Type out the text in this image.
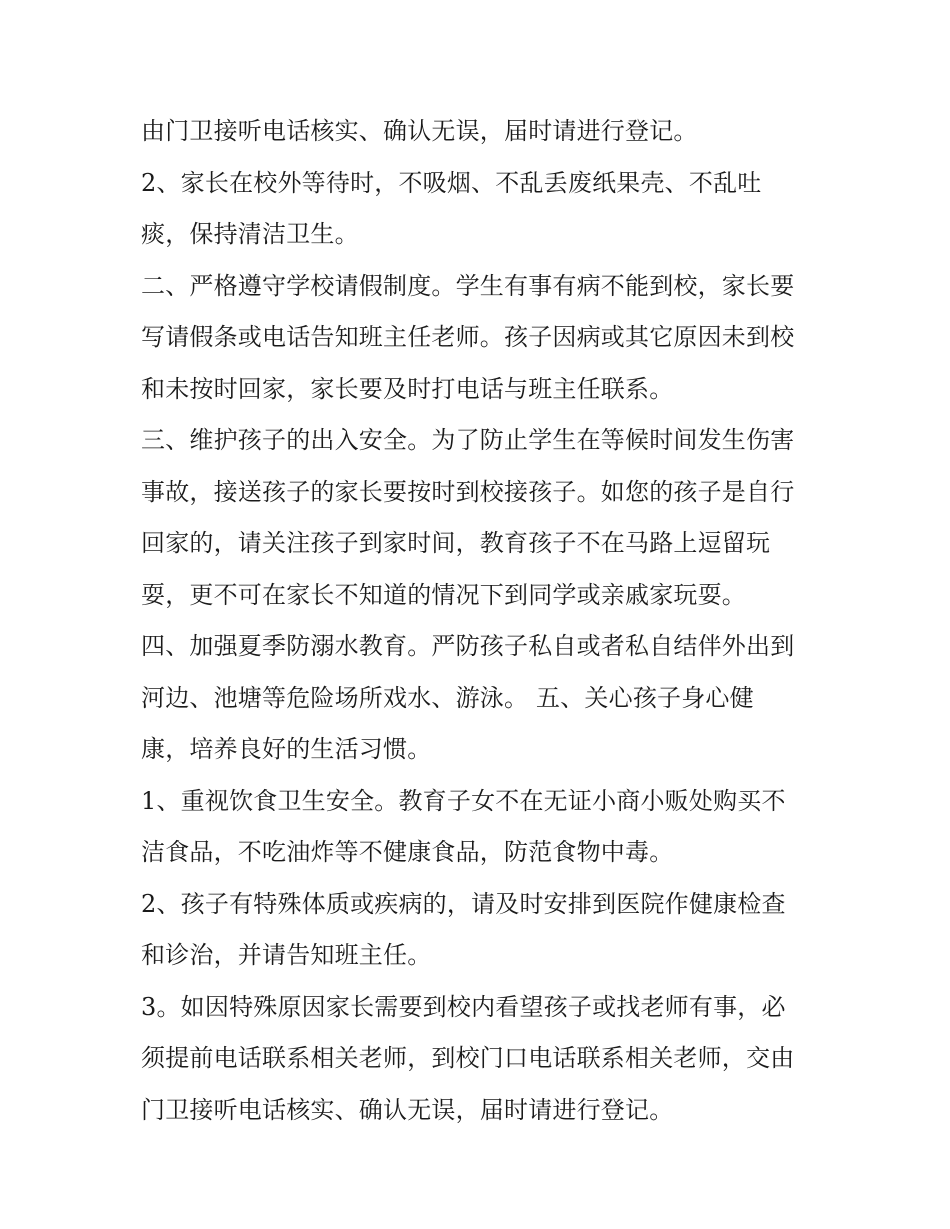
由门卫接听电话核实、确认无误，届时请进行登记。
2、家长在校外等待时，不吸烟、不乱丢废纸果壳、不乱吐
痰，保持清洁卫生。
二、严格遵守学校请假制度。学生有事有病不能到校，家长要
写请假条或电话告知班主任老师。孩子因病或其它原因未到校
和未按时回家，家长要及时打电话与班主任联系。
三、维护孩子的出入安全。为了防止学生在等候时间发生伤害
事故，接送孩子的家长要按时到校接孩子。如您的孩子是自行
回家的，请关注孩子到家时间，教育孩子不在马路上逗留玩
耍，更不可在家长不知道的情况下到同学或亲戚家玩耍。
四、加强夏季防溺水教育。严防孩子私自或者私自结伴外出到
河边、池塘等危险场所戏水、游泳。 五、关心孩子身心健
康，培养良好的生活习惯。
1、重视饮食卫生安全。教育子女不在无证小商小贩处购买不
洁食品，不吃油炸等不健康食品，防范食物中毒。
2、孩子有特殊体质或疾病的，请及时安排到医院作健康检查
和诊治，并请告知班主任。
3。如因特殊原因家长需要到校内看望孩子或找老师有事，必
须提前电话联系相关老师，到校门口电话联系相关老师，交由
门卫接听电话核实、确认无误，届时请进行登记。
